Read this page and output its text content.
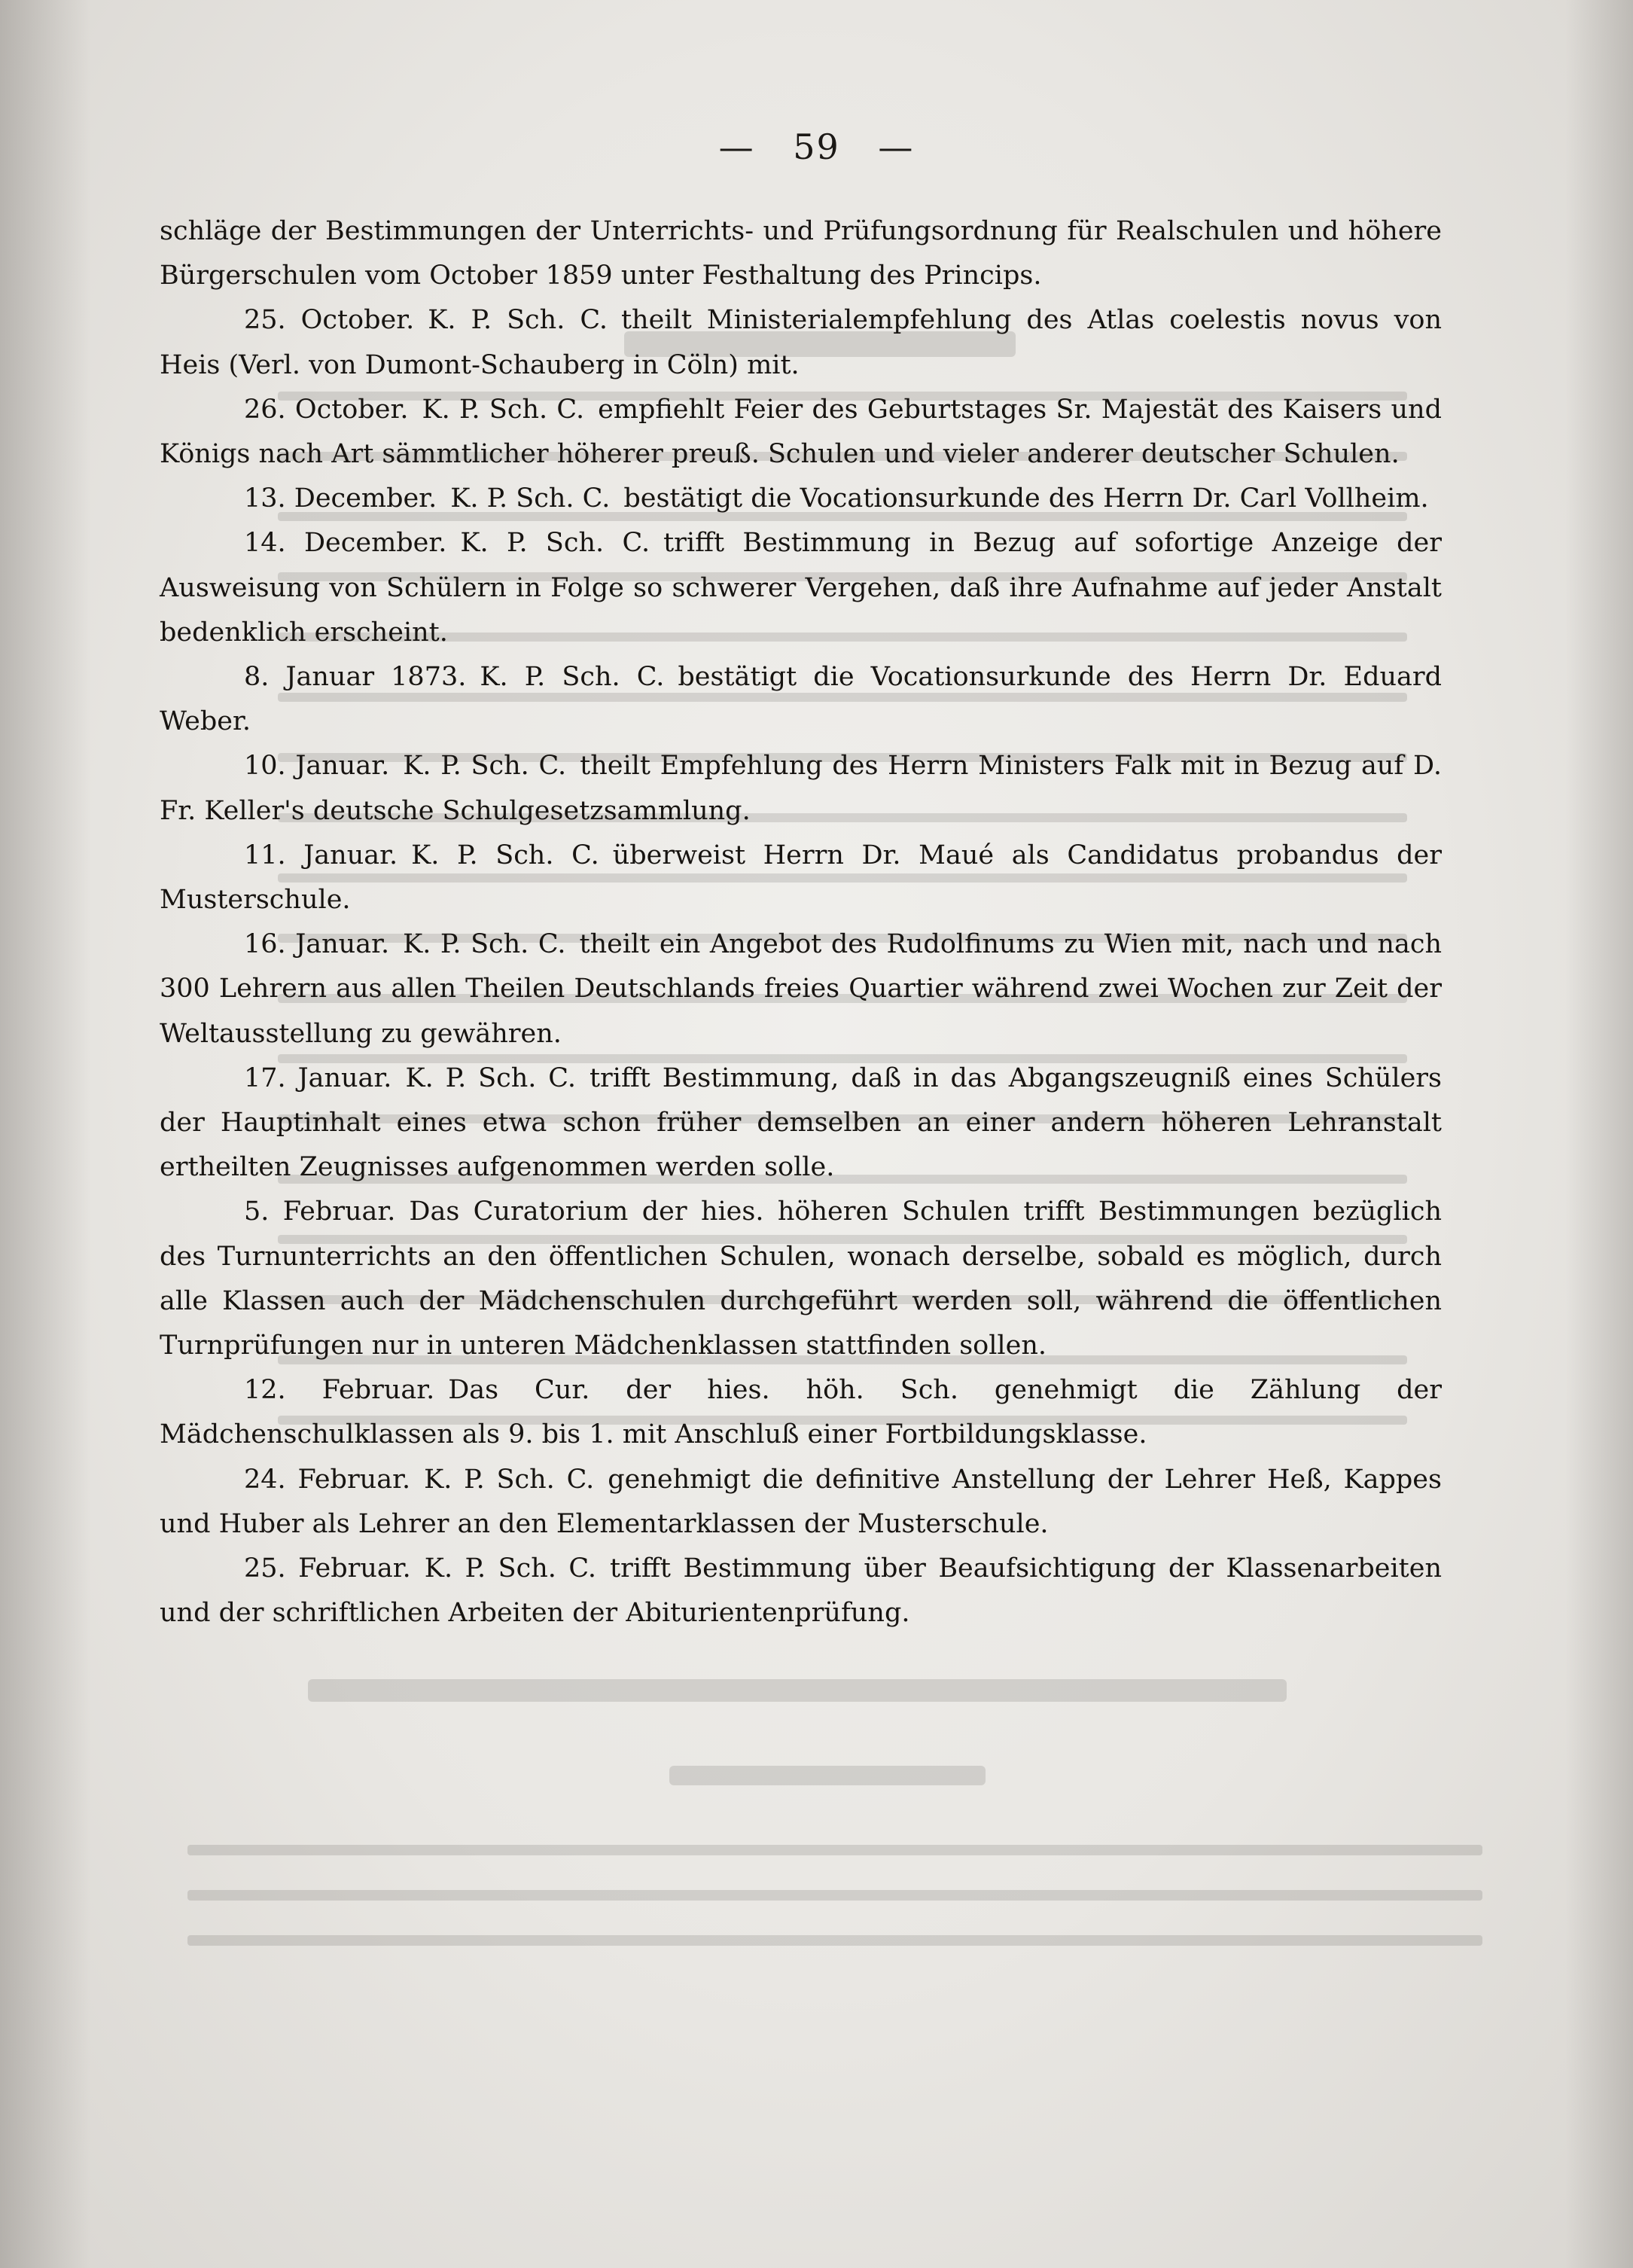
— 59 —

schläge der Bestimmungen der Unterrichts- und Prüfungsordnung für Realschulen und höhere Bürgerschulen vom October 1859 unter Festhaltung des Princips.

25. October. K. P. Sch. C. theilt Ministerialempfehlung des Atlas coelestis novus von Heis (Verl. von Dumont-Schauberg in Cöln) mit.

26. October. K. P. Sch. C. empfiehlt Feier des Geburtstages Sr. Majestät des Kaisers und Königs nach Art sämmtlicher höherer preuß. Schulen und vieler anderer deutscher Schulen.

13. December. K. P. Sch. C. bestätigt die Vocationsurkunde des Herrn Dr. Carl Vollheim.

14. December. K. P. Sch. C. trifft Bestimmung in Bezug auf sofortige Anzeige der Ausweisung von Schülern in Folge so schwerer Vergehen, daß ihre Aufnahme auf jeder Anstalt bedenklich erscheint.

8. Januar 1873. K. P. Sch. C. bestätigt die Vocationsurkunde des Herrn Dr. Eduard Weber.

10. Januar. K. P. Sch. C. theilt Empfehlung des Herrn Ministers Falk mit in Bezug auf D. Fr. Keller's deutsche Schulgesetzsammlung.

11. Januar. K. P. Sch. C. überweist Herrn Dr. Maué als Candidatus probandus der Musterschule.

16. Januar. K. P. Sch. C. theilt ein Angebot des Rudolfinums zu Wien mit, nach und nach 300 Lehrern aus allen Theilen Deutschlands freies Quartier während zwei Wochen zur Zeit der Weltausstellung zu gewähren.

17. Januar. K. P. Sch. C. trifft Bestimmung, daß in das Abgangszeugniß eines Schülers der Hauptinhalt eines etwa schon früher demselben an einer andern höheren Lehranstalt ertheilten Zeugnisses aufgenommen werden solle.

5. Februar. Das Curatorium der hies. höheren Schulen trifft Bestimmungen bezüglich des Turnunterrichts an den öffentlichen Schulen, wonach derselbe, sobald es möglich, durch alle Klassen auch der Mädchenschulen durchgeführt werden soll, während die öffentlichen Turnprüfungen nur in unteren Mädchenklassen stattfinden sollen.

12. Februar. Das Cur. der hies. höh. Sch. genehmigt die Zählung der Mädchenschulklassen als 9. bis 1. mit Anschluß einer Fortbildungsklasse.

24. Februar. K. P. Sch. C. genehmigt die definitive Anstellung der Lehrer Heß, Kappes und Huber als Lehrer an den Elementarklassen der Musterschule.

25. Februar. K. P. Sch. C. trifft Bestimmung über Beaufsichtigung der Klassenarbeiten und der schriftlichen Arbeiten der Abiturientenprüfung.
